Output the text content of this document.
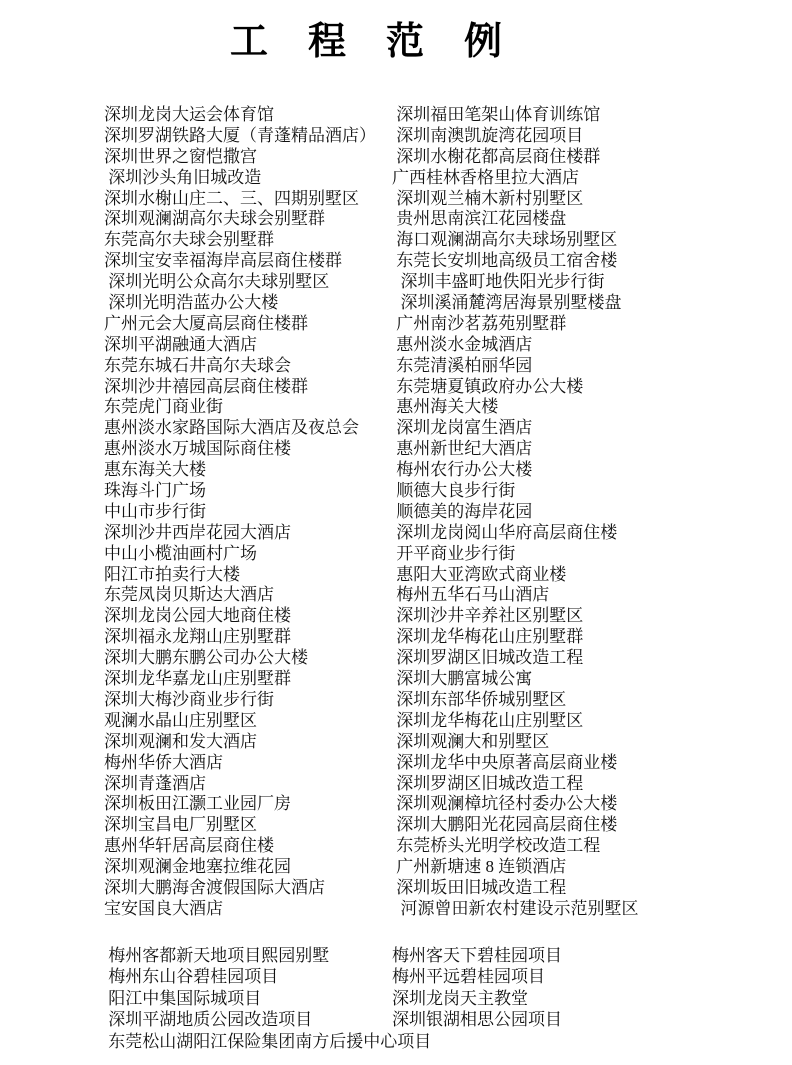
工　程　范　例
深圳龙岗大运会体育馆	深圳福田笔架山体育训练馆
深圳罗湖铁路大厦（青蓬精品酒店） 深圳南澳凯旋湾花园项目
深圳世界之窗恺撒宫	深圳水榭花都高层商住楼群
深圳沙头角旧城改造	广西桂林香格里拉大酒店
深圳水榭山庄二、三、四期别墅区 深圳观兰楠木新村别墅区
深圳观澜湖高尔夫球会别墅群	贵州思南滨江花园楼盘
东莞高尔夫球会别墅群	海口观澜湖高尔夫球场别墅区
深圳宝安幸福海岸高层商住楼群	东莞长安圳地高级员工宿舍楼
深圳光明公众高尔夫球别墅区	深圳丰盛町地佚阳光步行街
深圳光明浩蓝办公大楼	深圳溪涌麓湾居海景别墅楼盘
广州元会大厦高层商住楼群	广州南沙茗荔苑别墅群
深圳平湖融通大酒店	惠州淡水金城酒店
东莞东城石井高尔夫球会	东莞清溪柏丽华园
深圳沙井禧园高层商住楼群	东莞塘夏镇政府办公大楼
东莞虎门商业街	惠州海关大楼
惠州淡水家路国际大酒店及夜总会 深圳龙岗富生酒店
惠州淡水万城国际商住楼	惠州新世纪大酒店
惠东海关大楼	梅州农行办公大楼
珠海斗门广场	顺德大良步行街
中山市步行街	顺德美的海岸花园
深圳沙井西岸花园大酒店	深圳龙岗阅山华府高层商住楼
中山小榄油画村广场	开平商业步行街
阳江市拍卖行大楼	惠阳大亚湾欧式商业楼
东莞凤岗贝斯达大酒店	梅州五华石马山酒店
深圳龙岗公园大地商住楼	深圳沙井辛养社区别墅区
深圳福永龙翔山庄别墅群	深圳龙华梅花山庄别墅群
深圳大鹏东鹏公司办公大楼	深圳罗湖区旧城改造工程
深圳龙华嘉龙山庄别墅群	深圳大鹏富城公寓
深圳大梅沙商业步行街	深圳东部华侨城别墅区
观澜水晶山庄别墅区	深圳龙华梅花山庄别墅区
深圳观澜和发大酒店	深圳观澜大和别墅区
梅州华侨大酒店	深圳龙华中央原著高层商业楼
深圳青蓬酒店	深圳罗湖区旧城改造工程
深圳板田江灏工业园厂房	深圳观澜樟坑径村委办公大楼
深圳宝昌电厂别墅区	深圳大鹏阳光花园高层商住楼
惠州华轩居高层商住楼	东莞桥头光明学校改造工程
深圳观澜金地塞拉维花园	广州新塘速 8 连锁酒店
深圳大鹏海舍渡假国际大酒店	深圳坂田旧城改造工程
宝安国良大酒店	河源曾田新农村建设示范别墅区
梅州客都新天地项目熙园别墅	梅州客天下碧桂园项目
梅州东山谷碧桂园项目	梅州平远碧桂园项目
阳江中集国际城项目	深圳龙岗天主教堂
深圳平湖地质公园改造项目	深圳银湖相思公园项目

东莞松山湖阳江保险集团南方后援中心项目
